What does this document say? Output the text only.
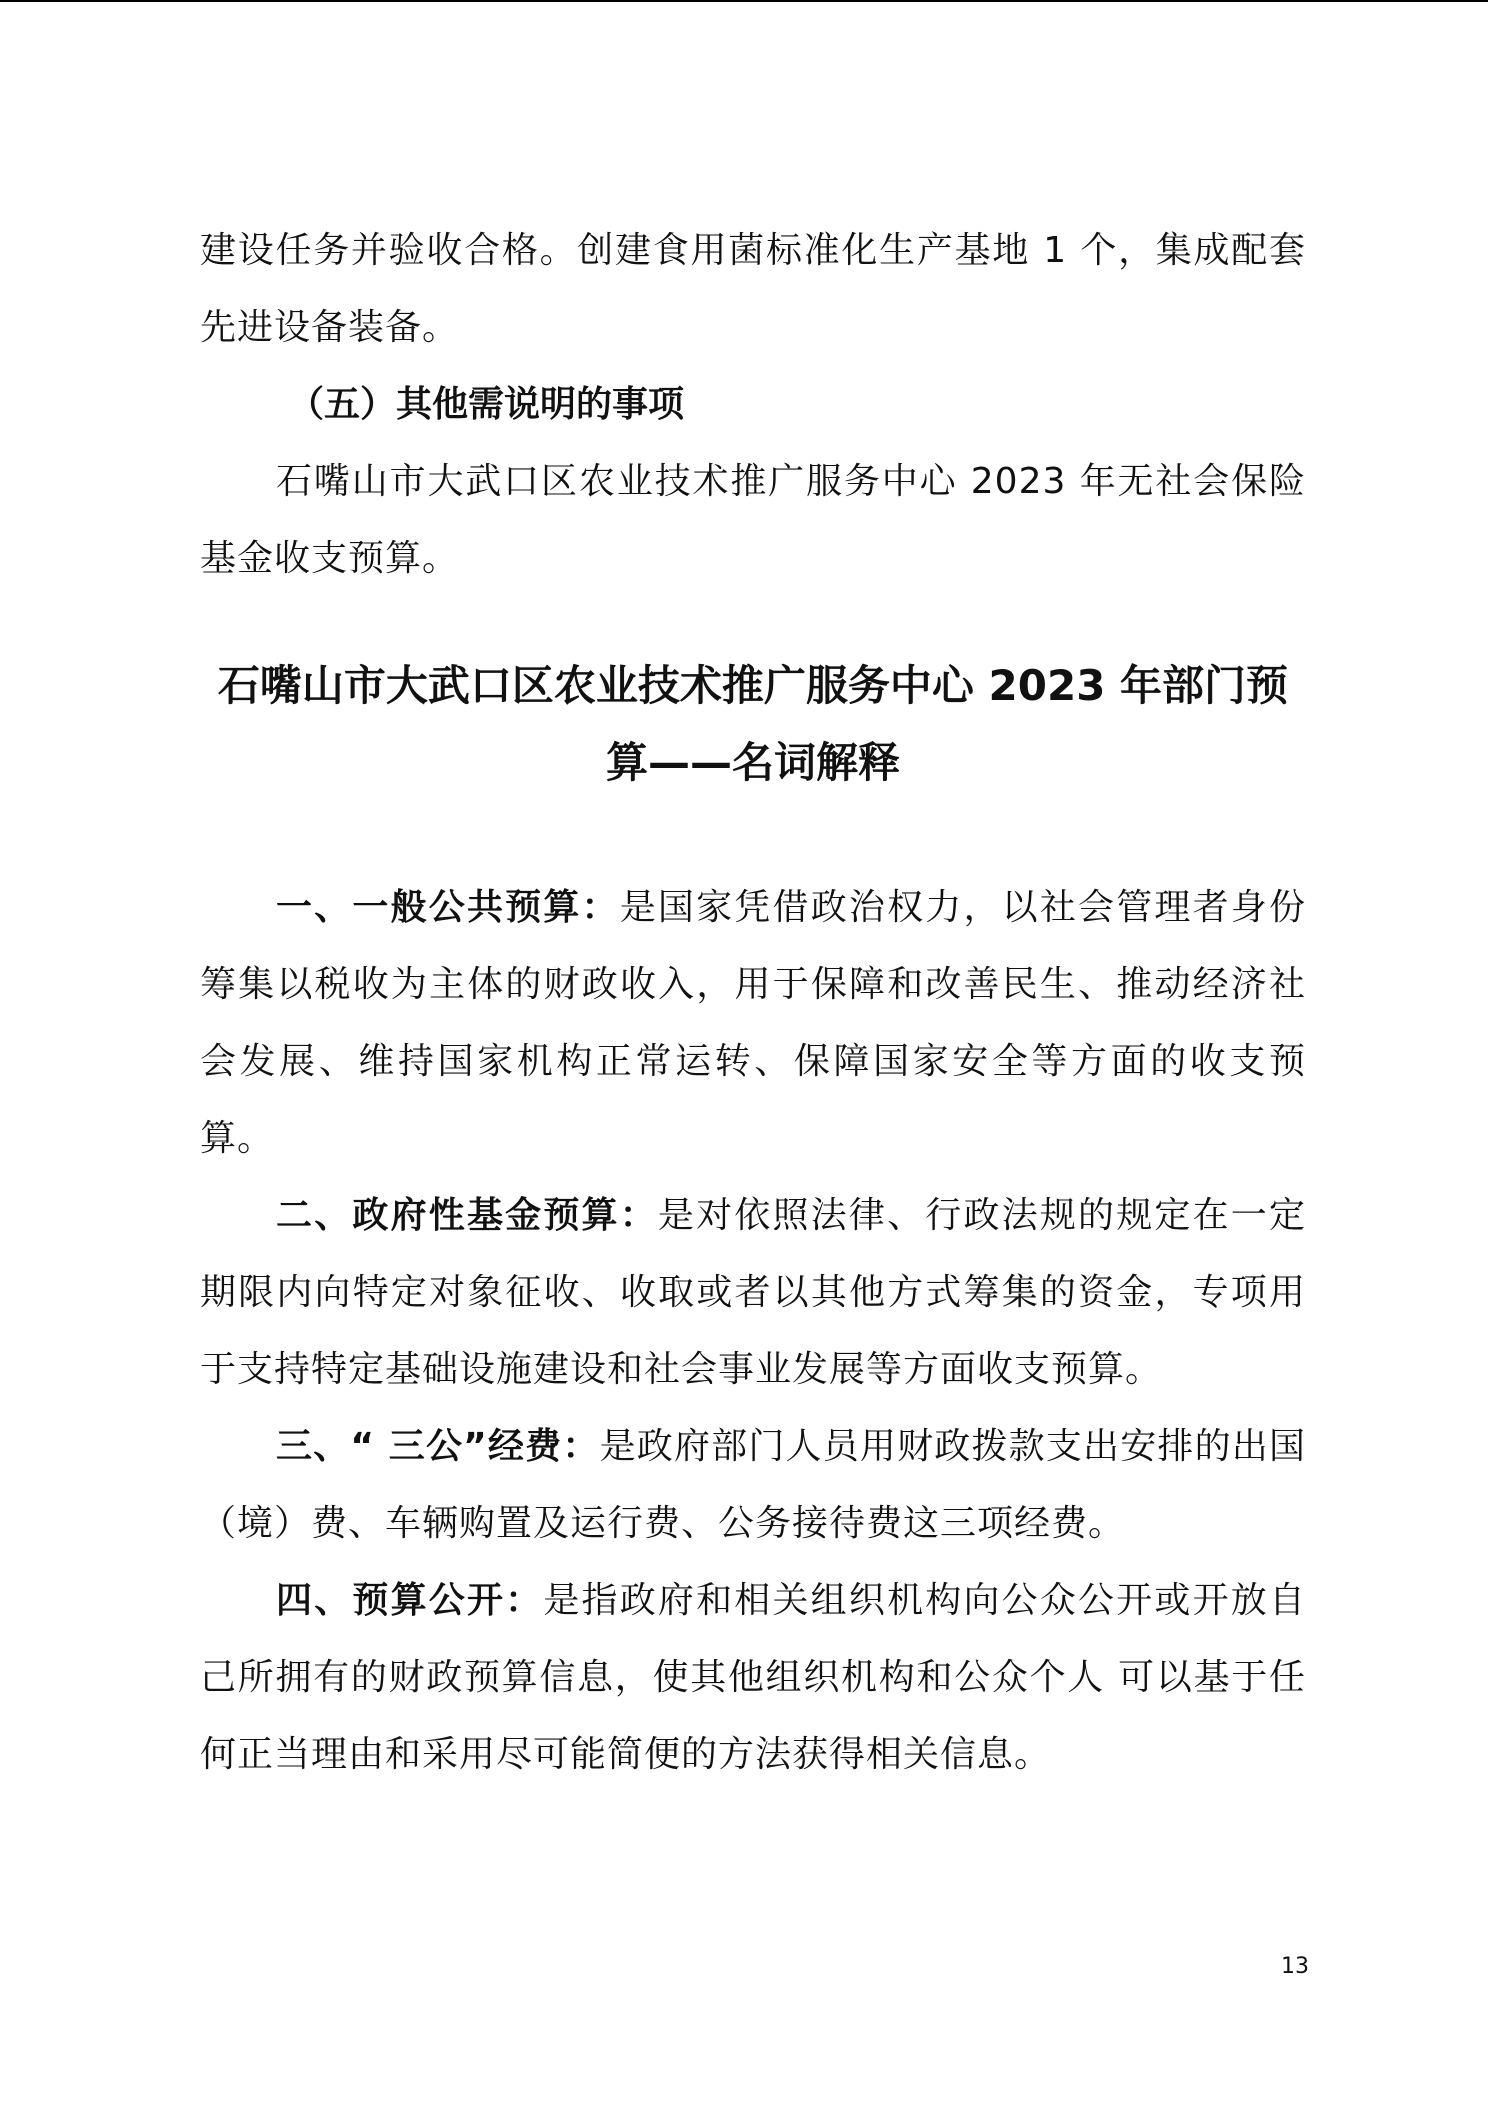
建设任务并验收合格。创建食用菌标准化生产基地 1 个，集成配套先进设备装备。

（五）其他需说明的事项

石嘴山市大武口区农业技术推广服务中心 2023 年无社会保险基金收支预算。

石嘴山市大武口区农业技术推广服务中心 2023 年部门预算——名词解释

一、一般公共预算：是国家凭借政治权力，以社会管理者身份筹集以税收为主体的财政收入，用于保障和改善民生、推动经济社会发展、维持国家机构正常运转、保障国家安全等方面的收支预算。

二、政府性基金预算：是对依照法律、行政法规的规定在一定期限内向特定对象征收、收取或者以其他方式筹集的资金，专项用于支持特定基础设施建设和社会事业发展等方面收支预算。

三、“ 三公”经费：是政府部门人员用财政拨款支出安排的出国（境）费、车辆购置及运行费、公务接待费这三项经费。

四、预算公开：是指政府和相关组织机构向公众公开或开放自己所拥有的财政预算信息，使其他组织机构和公众个人 可以基于任何正当理由和采用尽可能简便的方法获得相关信息。

13
